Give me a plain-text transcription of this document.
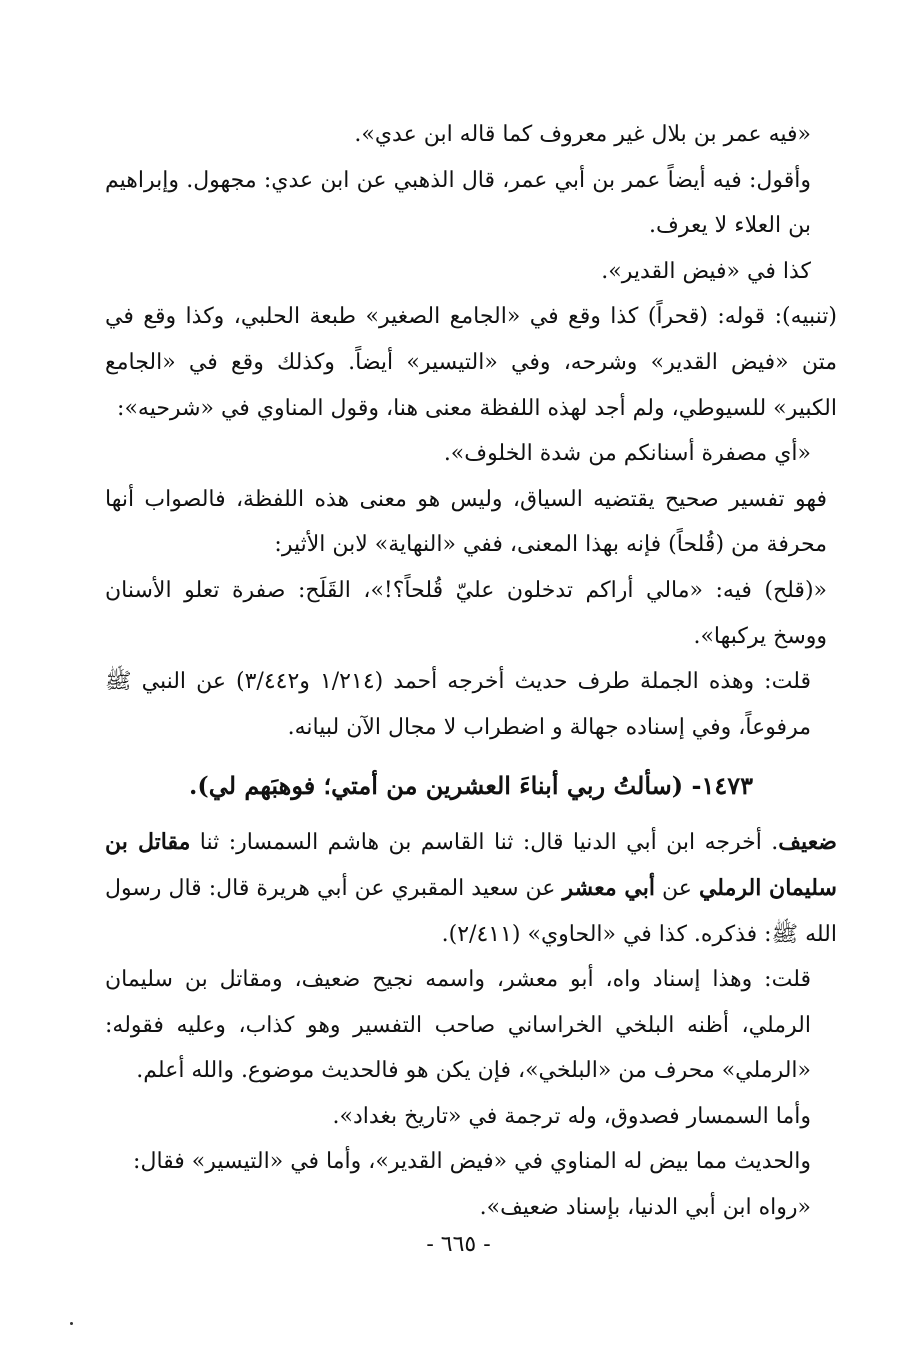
«فيه عمر بن بلال غير معروف كما قاله ابن عدي».

وأقول: فيه أيضاً عمر بن أبي عمر، قال الذهبي عن ابن عدي: مجهول. وإبراهيم بن العلاء لا يعرف.

كذا في «فيض القدير».

(تنبيه): قوله: (قحراً) كذا وقع في «الجامع الصغير» طبعة الحلبي، وكذا وقع في متن «فيض القدير» وشرحه، وفي «التيسير» أيضاً. وكذلك وقع في «الجامع الكبير» للسيوطي، ولم أجد لهذه اللفظة معنى هنا، وقول المناوي في «شرحيه»:

«أي مصفرة أسنانكم من شدة الخلوف».

فهو تفسير صحيح يقتضيه السياق، وليس هو معنى هذه اللفظة، فالصواب أنها محرفة من (قُلحاً) فإنه بهذا المعنى، ففي «النهاية» لابن الأثير:

«(قلح) فيه: «مالي أراكم تدخلون عليّ قُلحاً؟!»، القَلَح: صفرة تعلو الأسنان ووسخ يركبها».

قلت: وهذه الجملة طرف حديث أخرجه أحمد (١/٢١٤ و٣/٤٤٢) عن النبي ﷺ مرفوعاً، وفي إسناده جهالة و اضطراب لا مجال الآن لبيانه.

١٤٧٣- (سألتُ ربي أبناءَ العشرين من أمتي؛ فوهبَهم لي).

ضعيف. أخرجه ابن أبي الدنيا قال: ثنا القاسم بن هاشم السمسار: ثنا مقاتل بن سليمان الرملي عن أبي معشر عن سعيد المقبري عن أبي هريرة قال: قال رسول الله ﷺ: فذكره. كذا في «الحاوي» (٢/٤١١).

قلت: وهذا إسناد واه، أبو معشر، واسمه نجيح ضعيف، ومقاتل بن سليمان الرملي، أظنه البلخي الخراساني صاحب التفسير وهو كذاب، وعليه فقوله: «الرملي» محرف من «البلخي»، فإن يكن هو فالحديث موضوع. والله أعلم.

وأما السمسار فصدوق، وله ترجمة في «تاريخ بغداد».

والحديث مما بيض له المناوي في «فيض القدير»، وأما في «التيسير» فقال:

«رواه ابن أبي الدنيا، بإسناد ضعيف».

- ٦٦٥ -
